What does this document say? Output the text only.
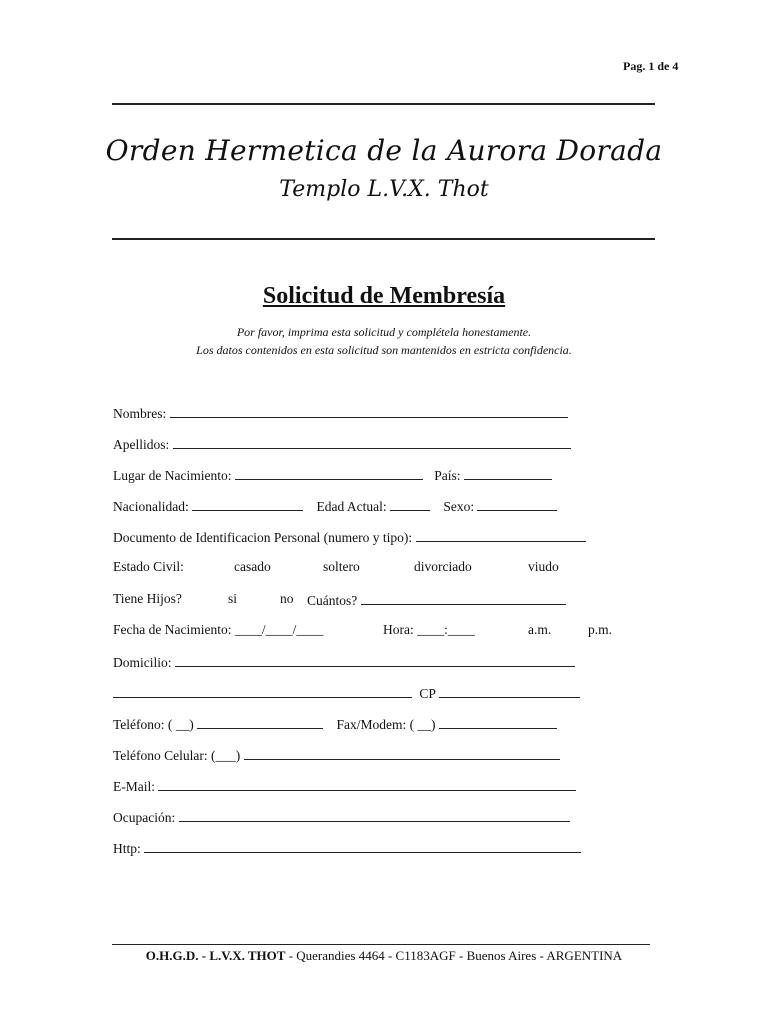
Pag. 1 de 4
Orden Hermetica de la Aurora Dorada
Templo L.V.X. Thot
Solicitud de Membresía
Por favor, imprima esta solicitud y complétela honestamente.
Los datos contenidos en esta solicitud son mantenidos en estricta confidencia.
Nombres:
Apellidos:
Lugar de Nacimiento:	País:
Nacionalidad:	Edad Actual:	Sexo:
Documento de Identificacion Personal (numero y tipo):
Estado Civil:	casado	soltero	divorciado	viudo
Tiene Hijos?	si	no Cuántos?
Fecha de Nacimiento: ____/____/____	Hora: ____:____	a.m.	p.m.
Domicilio:
CP
Teléfono: ( __)	Fax/Modem: ( __)
Teléfono Celular: (___)
E-Mail:
Ocupación:
Http:
O.H.G.D. - L.V.X. THOT - Querandies 4464 - C1183AGF - Buenos Aires - ARGENTINA
